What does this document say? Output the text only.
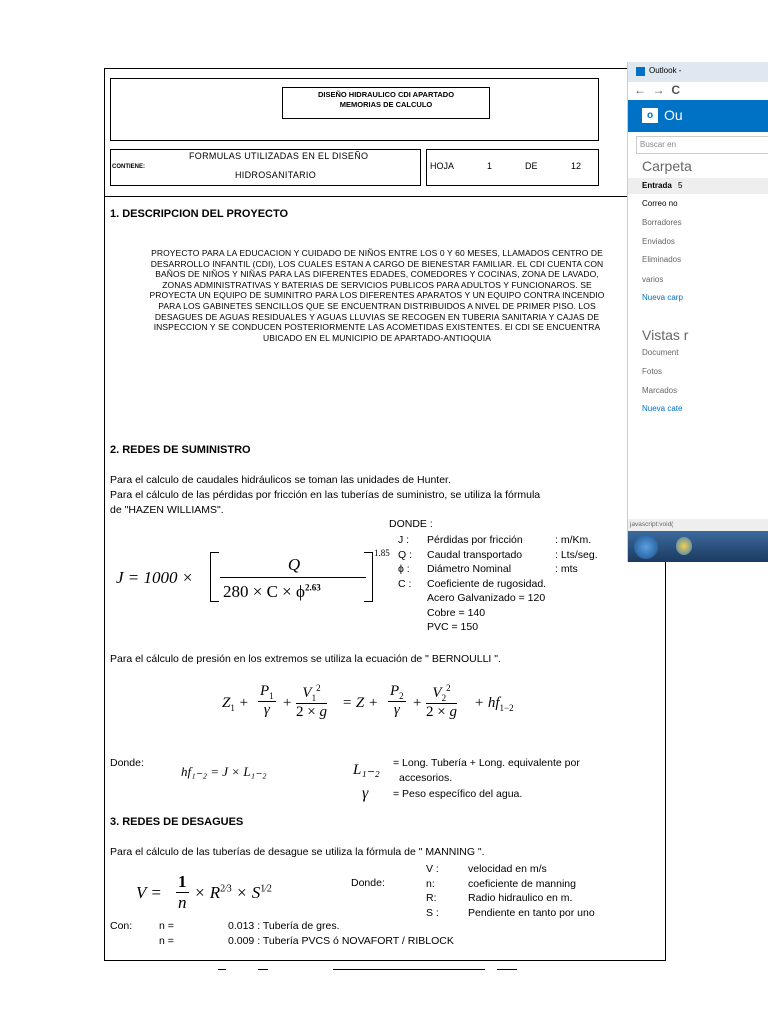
DISEÑO HIDRAULICO CDI APARTADO
MEMORIAS DE CALCULO
CONTIENE:
FORMULAS UTILIZADAS EN EL DISEÑO
HIDROSANITARIO
HOJA	1	DE	12
1. DESCRIPCION DEL PROYECTO
PROYECTO PARA LA EDUCACION Y CUIDADO DE NIÑOS ENTRE LOS 0 Y 60 MESES, LLAMADOS CENTRO DE
DESARROLLO INFANTIL (CDI), LOS CUALES ESTAN A CARGO DE BIENESTAR FAMILIAR. EL CDI CUENTA CON
BAÑOS DE NIÑOS Y NIÑAS PARA LAS DIFERENTES EDADES, COMEDORES Y COCINAS, ZONA DE LAVADO,
ZONAS ADMINISTRATIVAS Y BATERIAS DE SERVICIOS PUBLICOS PARA ADULTOS Y FUNCIONAROS. SE
PROYECTA UN EQUIPO DE SUMINITRO PARA LOS DIFERENTES APARATOS Y UN EQUIPO CONTRA INCENDIO
PARA LOS GABINETES SENCILLOS QUE SE ENCUENTRAN DISTRIBUIDOS A NIVEL DE PRIMER PISO. LOS
DESAGUES DE AGUAS RESIDUALES Y AGUAS LLUVIAS SE RECOGEN EN TUBERIA SANITARIA Y CAJAS DE
INSPECCION Y SE CONDUCEN POSTERIORMENTE LAS ACOMETIDAS EXISTENTES. El CDI SE ENCUENTRA
UBICADO EN EL MUNICIPIO DE APARTADO-ANTIOQUIA
2. REDES DE SUMINISTRO
Para el calculo de caudales hidráulicos se toman las unidades de Hunter.
Para el cálculo de las pérdidas por fricción en las tuberías de suministro, se utiliza la fórmula
de "HAZEN WILLIAMS".
DONDE :
J : Pérdidas por fricción	: m/Km.
Q : Caudal transportado	: Lts/seg.
ϕ : Diámetro Nominal	: mts
C : Coeficiente de rugosidad.
Acero Galvanizado = 120
Cobre = 140
PVC = 150
J = 1000 ×
Q
$280 \times C \times \phi^{2.63}$
1.85
Para el cálculo de presión en los extremos se utiliza la ecuación de " BERNOULLI ".
$Z_1 + \frac{P_1}{\gamma} + \frac{V_1^2}{2 \times g} = Z + \frac{P_2}{\gamma} + \frac{V_2^2}{2 \times g} + hf_{1-2}$
Donde:
hf₁₋₂ = J × L₁₋₂	L₁₋₂ = Long. Tubería + Long. equivalente por
accesorios.
γ = Peso específico del agua.
3. REDES DE DESAGUES
Para el cálculo de las tuberías de desague se utiliza la fórmula de " MANNING ".
$V = \frac{1}{n} \times R^{2⁄3} \times S^{1⁄2}$	Donde:
V :	velocidad en m/s
n:	coeficiente de manning
R:	Radio hidraulico en m.
S :	Pendiente en tanto por uno
Con:	n =	0.013 : Tubería de gres.
n =	0.009 : Tubería PVCS ó NOVAFORT / RIBLOCK
Outlook -
←  →  C
o Ou
Buscar en
Carpeta
Entrada 5
Correo no
Borradores
Enviados
Eliminados
varios
Nueva carp
Vistas r
Document
Fotos
Marcados
Nueva cate
javascript:void(
